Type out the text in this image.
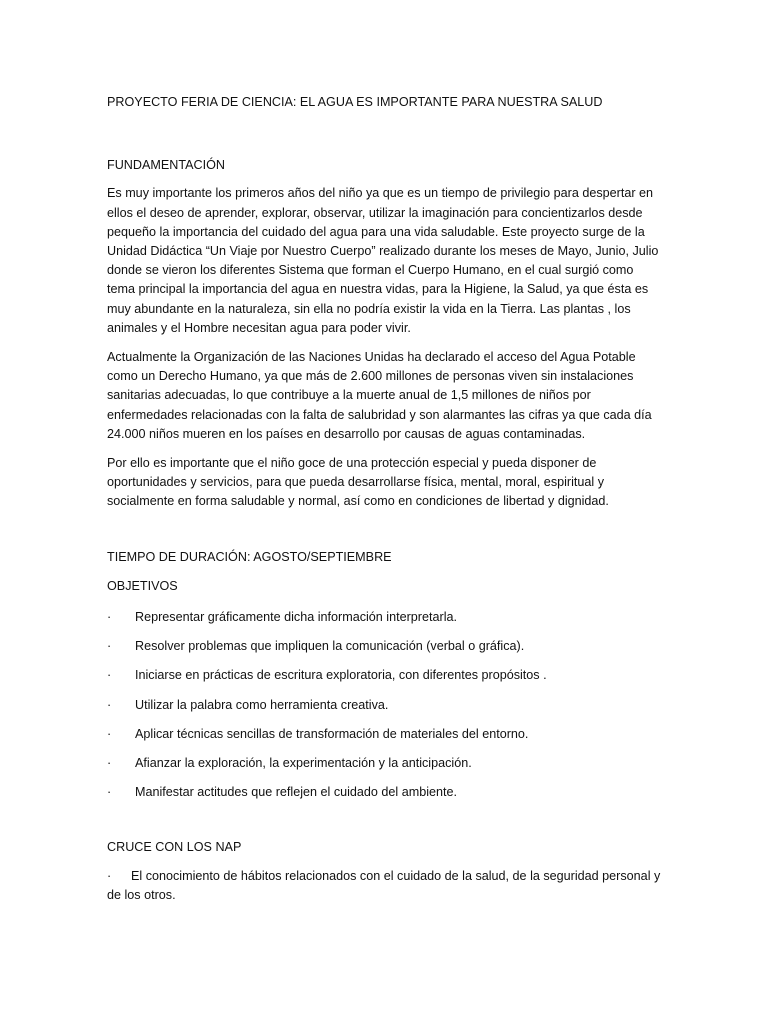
PROYECTO FERIA DE CIENCIA: EL AGUA ES IMPORTANTE PARA NUESTRA SALUD

FUNDAMENTACIÓN

Es muy importante los primeros años del niño ya que es un tiempo de privilegio para despertar en ellos el deseo de aprender, explorar, observar, utilizar la imaginación para concientizarlos desde pequeño la importancia del cuidado del agua para una vida saludable. Este proyecto surge de la Unidad Didáctica “Un Viaje por Nuestro Cuerpo” realizado durante los meses de Mayo, Junio, Julio donde se vieron los diferentes Sistema que forman el Cuerpo Humano, en el cual surgió como tema principal la importancia del agua en nuestra vidas, para la Higiene, la Salud, ya que ésta es muy abundante en la naturaleza, sin ella no podría existir la vida en la Tierra. Las plantas , los animales y el Hombre necesitan agua para poder vivir.

Actualmente la Organización de las Naciones Unidas ha declarado el acceso del Agua Potable como un Derecho Humano, ya que más de 2.600 millones de personas viven sin instalaciones sanitarias adecuadas, lo que contribuye a la muerte anual de 1,5 millones de niños por enfermedades relacionadas con la falta de salubridad y son alarmantes las cifras ya que cada día 24.000 niños mueren en los países en desarrollo por causas de aguas contaminadas.

Por ello es importante que el niño goce de una protección especial y pueda disponer de oportunidades y servicios, para que pueda desarrollarse física, mental, moral, espiritual y socialmente en forma saludable y normal, así como en condiciones de libertad y dignidad.

TIEMPO DE DURACIÓN: AGOSTO/SEPTIEMBRE

OBJETIVOS

· Representar gráficamente dicha información interpretarla.
· Resolver problemas que impliquen la comunicación (verbal o gráfica).
· Iniciarse en prácticas de escritura exploratoria, con diferentes propósitos .
· Utilizar la palabra como herramienta creativa.
· Aplicar técnicas sencillas de transformación de materiales del entorno.
· Afianzar la exploración, la experimentación y la anticipación.
· Manifestar actitudes que reflejen el cuidado del ambiente.

CRUCE CON LOS NAP

· El conocimiento de hábitos relacionados con el cuidado de la salud, de la seguridad personal y de los otros.
